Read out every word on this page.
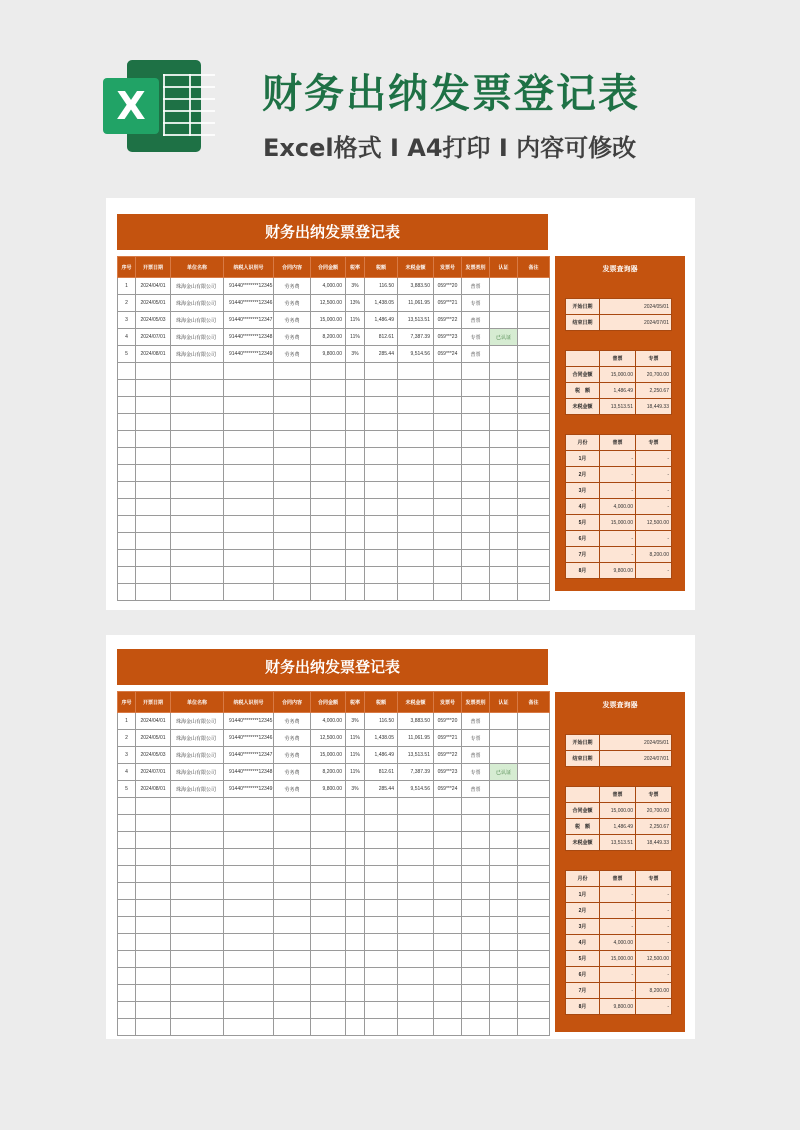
X	财务出纳发票登记表
Excel格式 I A4打印 I 内容可修改
财务出纳发票登记表
序号	开票日期	单位名称	纳税人识别号	合同内容	合同金额	税率	税额	未税金额	发票号	发票类别	认证	备注
1	2024/04/01	珠海金山有限公司	91440********12345	劳务费	4,000.00	3%	116.50	3,883.50	059***20	普票		
2	2024/05/01	珠海金山有限公司	91440********12346	劳务费	12,500.00	13%	1,438.05	11,061.95	059***21	专票		
3	2024/05/03	珠海金山有限公司	91440********12347	劳务费	15,000.00	11%	1,486.49	13,513.51	059***22	普票		
4	2024/07/01	珠海金山有限公司	91440********12348	劳务费	8,200.00	11%	812.61	7,387.39	059***23	专票	已认证	
5	2024/08/01	珠海金山有限公司	91440********12349	劳务费	9,800.00	3%	285.44	9,514.56	059***24	普票		

发票查询器
开始日期	2024/05/01
结束日期	2024/07/01
	普票	专票
合同金额	15,000.00	20,700.00
税　额	1,486.49	2,250.67
未税金额	13,513.51	18,449.33
月份	普票	专票
1月	-	-
2月	-	-
3月	-	-
4月	4,000.00	-
5月	15,000.00	12,500.00
6月	-	-
7月	-	8,200.00
8月	9,800.00	-
财务出纳发票登记表
序号	开票日期	单位名称	纳税人识别号	合同内容	合同金额	税率	税额	未税金额	发票号	发票类别	认证	备注
1	2024/04/01	珠海金山有限公司	91440********12345	劳务费	4,000.00	3%	116.50	3,883.50	059***20	普票		
2	2024/05/01	珠海金山有限公司	91440********12346	劳务费	12,500.00	11%	1,438.05	11,061.95	059***21	专票		
3	2024/05/03	珠海金山有限公司	91440********12347	劳务费	15,000.00	11%	1,486.49	13,513.51	059***22	普票		
4	2024/07/01	珠海金山有限公司	91440********12348	劳务费	8,200.00	11%	812.61	7,387.39	059***23	专票	已认证	
5	2024/08/01	珠海金山有限公司	91440********12349	劳务费	9,800.00	3%	285.44	9,514.56	059***24	普票		

发票查询器
开始日期	2024/05/01
结束日期	2024/07/01
	普票	专票
合同金额	15,000.00	20,700.00
税　额	1,486.49	2,250.67
未税金额	13,513.51	18,449.33
月份	普票	专票
1月	-	-
2月	-	-
3月	-	-
4月	4,000.00	-
5月	15,000.00	12,500.00
6月	-	-
7月	-	8,200.00
8月	9,800.00	-
